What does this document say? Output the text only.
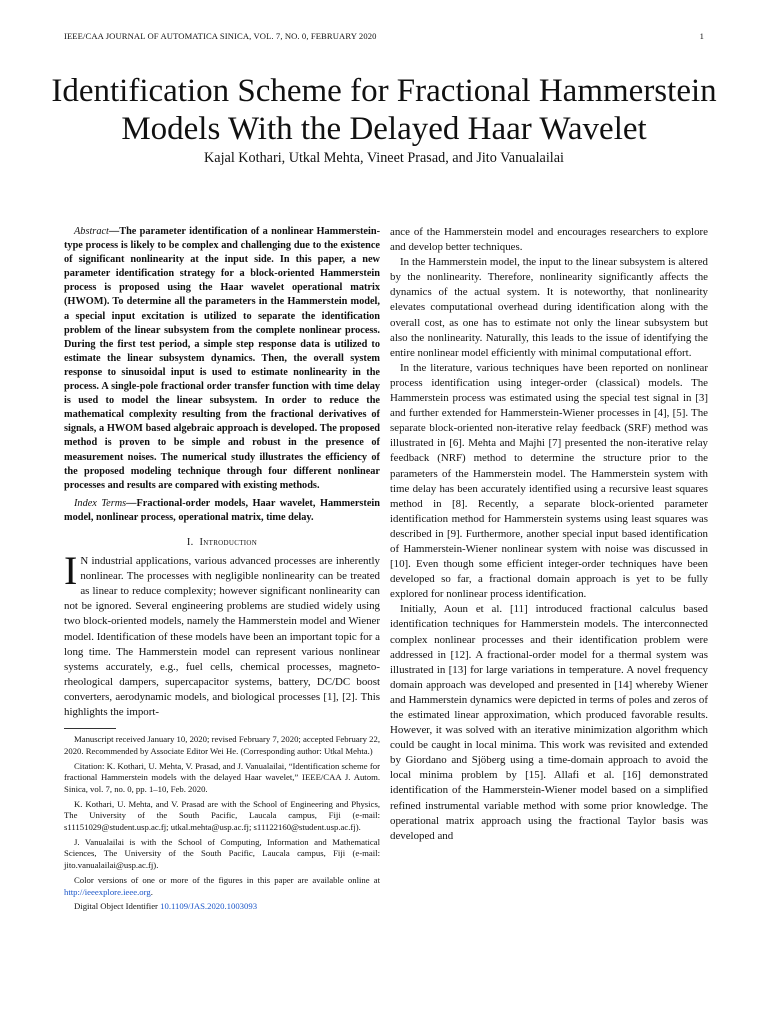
IEEE/CAA JOURNAL OF AUTOMATICA SINICA, VOL. 7, NO. 0, FEBRUARY 2020	1
Identification Scheme for Fractional Hammerstein
Models With the Delayed Haar Wavelet
Kajal Kothari, Utkal Mehta, Vineet Prasad, and Jito Vanualailai

Abstract—The parameter identification of a nonlinear Hammerstein-type process is likely to be complex and challenging due to the existence of significant nonlinearity at the input side. In this paper, a new parameter identification strategy for a block-oriented Hammerstein process is proposed using the Haar wavelet operational matrix (HWOM). To determine all the parameters in the Hammerstein model, a special input excitation is utilized to separate the identification problem of the linear subsystem from the complete nonlinear process. During the first test period, a simple step response data is utilized to estimate the linear subsystem dynamics. Then, the overall system response to sinusoidal input is used to estimate nonlinearity in the process. A single-pole fractional order transfer function with time delay is used to model the linear subsystem. In order to reduce the mathematical complexity resulting from the fractional derivatives of signals, a HWOM based algebraic approach is developed. The proposed method is proven to be simple and robust in the presence of measurement noises. The numerical study illustrates the efficiency of the proposed modeling technique through four different nonlinear processes and results are compared with existing methods.

Index Terms—Fractional-order models, Haar wavelet, Hammerstein model, nonlinear process, operational matrix, time delay.

I. Introduction

I N industrial applications, various advanced processes are inherently nonlinear. The processes with negligible nonlinearity can be treated as linear to reduce complexity; however significant nonlinearity can not be ignored. Several engineering problems are studied widely using two block-oriented models, namely the Hammerstein model and Wiener model. Identification of these models have been an important topic for a long time. The Hammerstein model can represent various nonlinear systems accurately, e.g., fuel cells, chemical processes, magneto-rheological dampers, supercapacitor systems, battery, DC/DC boost converters, aerodynamic models, and biological processes [1], [2]. This highlights the import-

Manuscript received January 10, 2020; revised February 7, 2020; accepted February 22, 2020. Recommended by Associate Editor Wei He. (Corresponding author: Utkal Mehta.)

Citation: K. Kothari, U. Mehta, V. Prasad, and J. Vanualailai, “Identification scheme for fractional Hammerstein models with the delayed Haar wavelet,” IEEE/CAA J. Autom. Sinica, vol. 7, no. 0, pp. 1–10, Feb. 2020.

K. Kothari, U. Mehta, and V. Prasad are with the School of Engineering and Physics, The University of the South Pacific, Laucala campus, Fiji (e-mail: s11151029@student.usp.ac.fj; utkal.mehta@usp.ac.fj; s11122160@student.usp.ac.fj).

J. Vanualailai is with the School of Computing, Information and Mathematical Sciences, The University of the South Pacific, Laucala campus, Fiji (e-mail: jito.vanualailai@usp.ac.fj).

Color versions of one or more of the figures in this paper are available online at http://ieeexplore.ieee.org.

Digital Object Identifier 10.1109/JAS.2020.1003093

ance of the Hammerstein model and encourages researchers to explore and develop better techniques.

In the Hammerstein model, the input to the linear subsystem is altered by the nonlinearity. Therefore, nonlinearity significantly affects the dynamics of the actual system. It is noteworthy, that nonlinearity elevates computational overhead during identification along with the overall cost, as one has to estimate not only the linear subsystem but also the nonlinearity. Naturally, this leads to the issue of identifying the entire nonlinear model efficiently with minimal computational effort.

In the literature, various techniques have been reported on nonlinear process identification using integer-order (classical) models. The Hammerstein process was estimated using the special test signal in [3] and further extended for Hammerstein-Wiener processes in [4], [5]. The separate block-oriented non-iterative relay feedback (SRF) method was illustrated in [6]. Mehta and Majhi [7] presented the non-iterative relay feedback (NRF) method to determine the structure prior to the parameters of the Hammerstein model. The Hammerstein system with time delay has been accurately identified using a recursive least squares method in [8]. Recently, a separate block-oriented parameter identification method for Hammerstein systems using least squares was described in [9]. Furthermore, another special input based identification of Hammerstein-Wiener nonlinear system with noise was discussed in [10]. Even though some efficient integer-order techniques have been developed so far, a fractional domain approach is yet to be fully explored for nonlinear process identification.

Initially, Aoun et al. [11] introduced fractional calculus based identification techniques for Hammerstein models. The interconnected complex nonlinear processes and their identification problem were addressed in [12]. A fractional-order model for a thermal system was illustrated in [13] for large variations in temperature. A novel frequency domain approach was developed and presented in [14] whereby Wiener and Hammerstein dynamics were depicted in terms of poles and zeros of the estimated linear approximation, which produced favorable results. However, it was solved with an iterative minimization algorithm which could be caught in local minima. This work was revisited and extended by Giordano and Sjöberg using a time-domain approach to avoid the local minima problem by [15]. Allafi et al. [16] demonstrated identification of the Hammerstein-Wiener model based on a simplified refined instrumental variable method with some prior knowledge. The operational matrix approach using the fractional Taylor basis was developed and
